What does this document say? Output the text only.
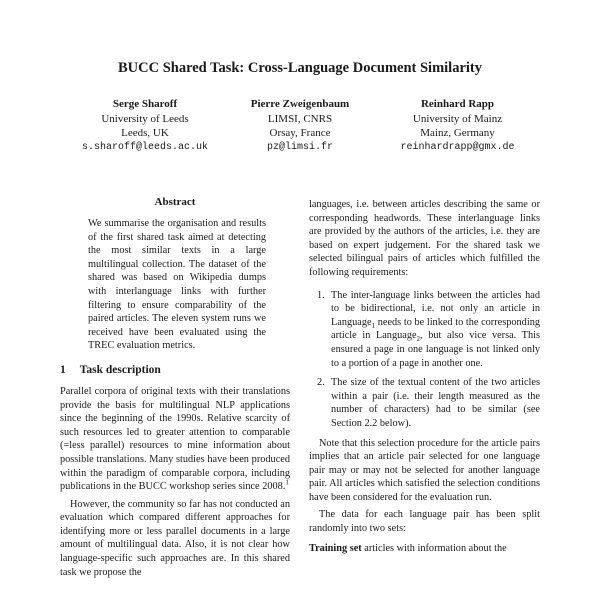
BUCC Shared Task: Cross-Language Document Similarity
Serge Sharoff
University of Leeds
Leeds, UK
s.sharoff@leeds.ac.uk
Pierre Zweigenbaum
LIMSI, CNRS
Orsay, France
pz@limsi.fr
Reinhard Rapp
University of Mainz
Mainz, Germany
reinhardrapp@gmx.de
Abstract

We summarise the organisation and results of the first shared task aimed at detecting the most similar texts in a large multilingual collection. The dataset of the shared was based on Wikipedia dumps with interlanguage links with further filtering to ensure comparability of the paired articles. The eleven system runs we received have been evaluated using the TREC evaluation metrics.

1 Task description

Parallel corpora of original texts with their translations provide the basis for multilingual NLP applications since the beginning of the 1990s. Relative scarcity of such resources led to greater attention to comparable (=less parallel) resources to mine information about possible translations. Many studies have been produced within the paradigm of comparable corpora, including publications in the BUCC workshop series since 2008.$^1$

However, the community so far has not conducted an evaluation which compared different approaches for identifying more or less parallel documents in a large amount of multilingual data. Also, it is not clear how language-specific such approaches are. In this shared task we propose the

languages, i.e. between articles describing the same or corresponding headwords. These interlanguage links are provided by the authors of the articles, i.e. they are based on expert judgement. For the shared task we selected bilingual pairs of articles which fulfilled the following requirements:

1. The inter-language links between the articles had to be bidirectional, i.e. not only an article in Language$_1$ needs to be linked to the corresponding article in Language$_2$, but also vice versa. This ensured a page in one language is not linked only to a portion of a page in another one.
2. The size of the textual content of the two articles within a pair (i.e. their length measured as the number of characters) had to be similar (see Section 2.2 below).

Note that this selection procedure for the article pairs implies that an article pair selected for one language pair may or may not be selected for another language pair. All articles which satisfied the selection conditions have been considered for the evaluation run.

The data for each language pair has been split randomly into two sets:

Training set articles with information about the
